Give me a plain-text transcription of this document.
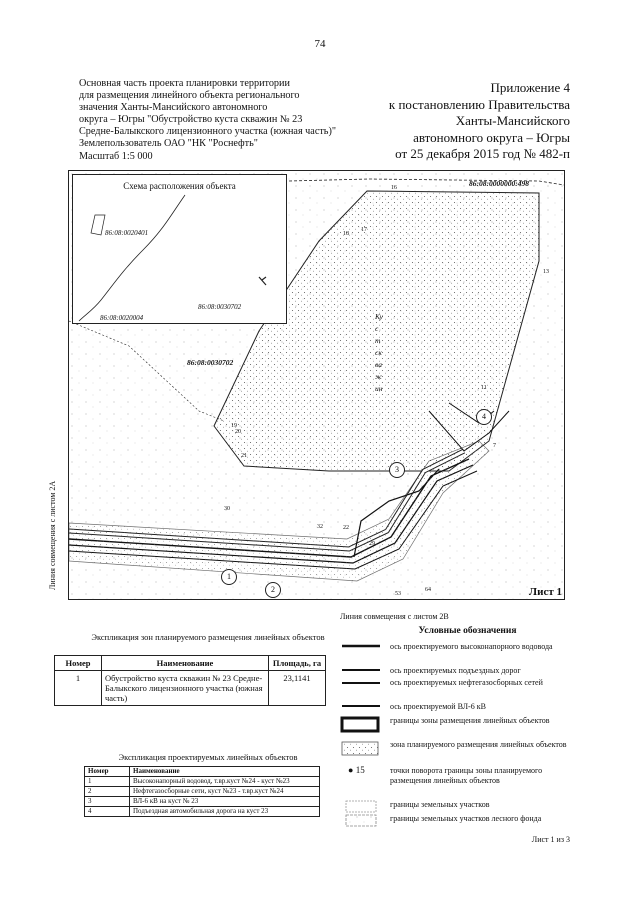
74
Основная часть проекта планировки территории
для размещения линейного объекта регионального
значения Ханты-Мансийского автономного
округа – Югры "Обустройство куста скважин № 23
Средне-Балыкского лицензионного участка (южная часть)"
Землепользователь ОАО "НК "Роснефть"
Масштаб 1:5 000
Приложение 4
к постановлению Правительства
Ханты-Мансийского
автономного округа – Югры
от 25 декабря 2015 год № 482-п
Схема расположения объекта
86:08:0020401
86:08:0030702
86:08:0020004
86:08:0000000:498
86:08:0030702
Куст скважин
16
17
18
13
11
7
19
20
21
30
32	22
29
64
53
1
2
3
4
Линия совмещения с листом 2А
Лист 1
Линия совмещения с листом 2В
Экспликация зон планируемого размещения линейных объектов
Номер	Наименование	Площадь, га
1	Обустройство куста скважин № 23 Средне-Балыкского лицензионного участка (южная часть)	23,1141
Экспликация проектируемых линейных объектов
Номер	Наименование
1	Высоконапорный водовод, т.вр.куст №24 - куст №23
2	Нефтегазосборные сети, куст №23 - т.вр.куст №24
3	ВЛ-6 кВ на куст № 23
4	Подъездная автомобильная дорога на куст 23
Условные обозначения
ось проектируемого высоконапорного водовода
ось проектируемых подъездных дорог
ось проектируемых нефтегазосборных сетей
ось проектируемой ВЛ-6 кВ
границы зоны размещения линейных объектов
зона планируемого размещения линейных объектов
● 15	точки поворота границы зоны планируемого размещения линейных объектов
границы земельных участков
границы земельных участков лесного фонда
Лист 1 из 3
